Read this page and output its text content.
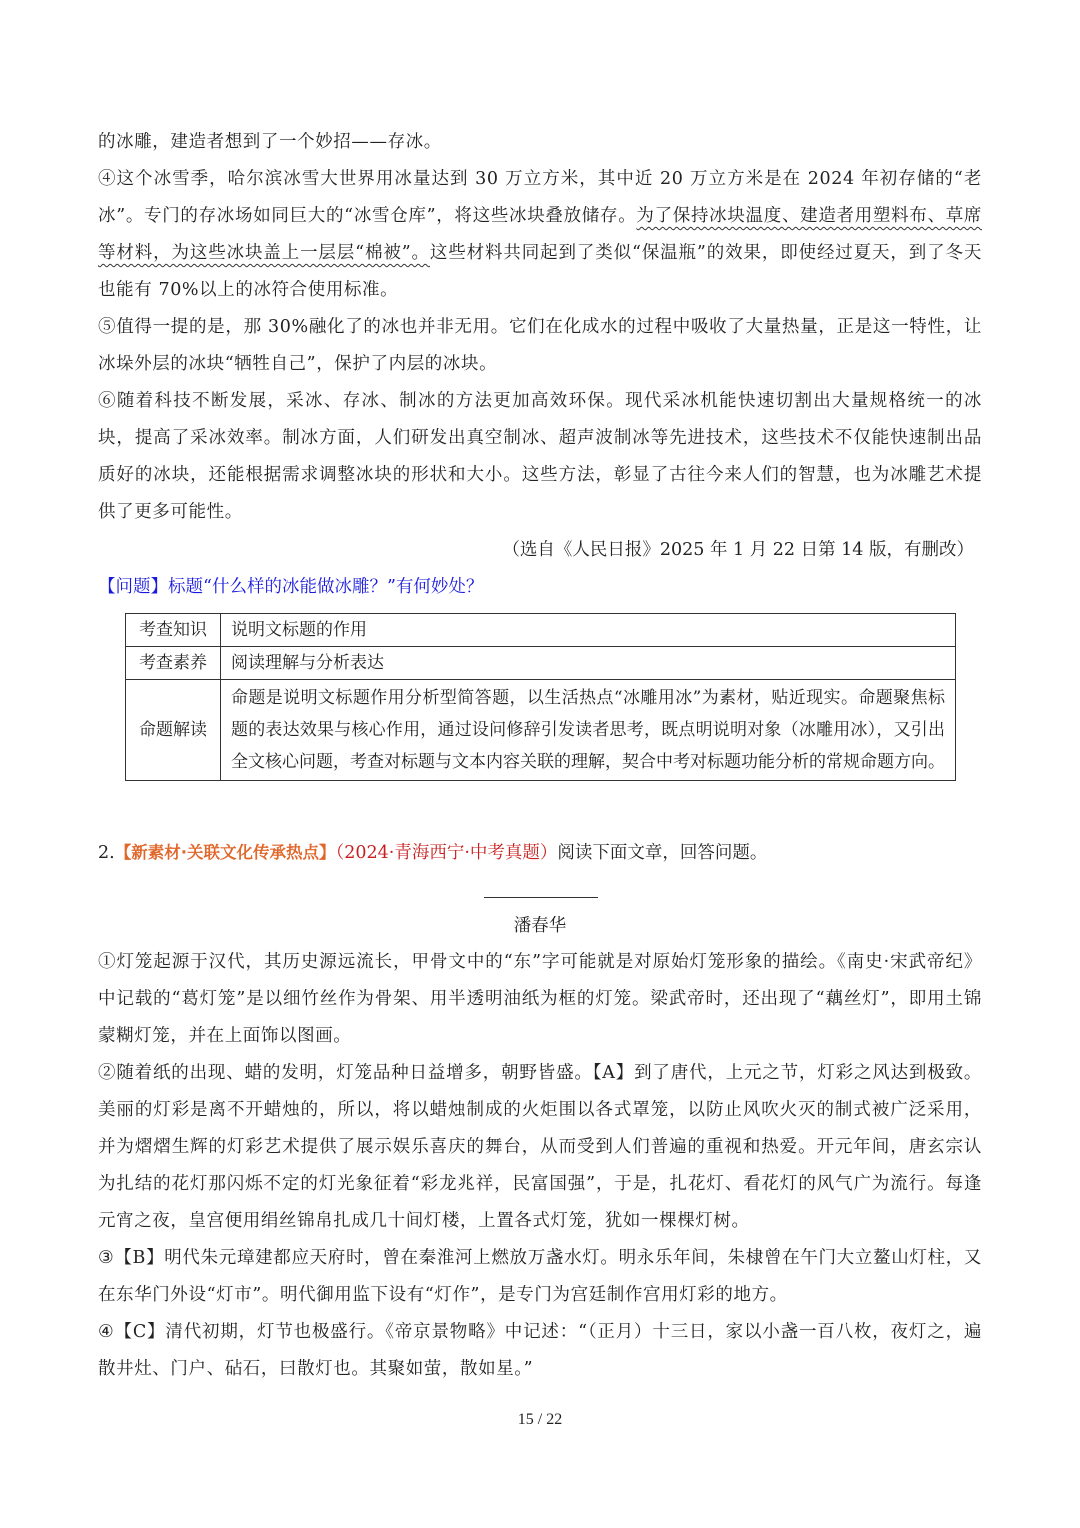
的冰雕，建造者想到了一个妙招——存冰。

④这个冰雪季，哈尔滨冰雪大世界用冰量达到 30 万立方米，其中近 20 万立方米是在 2024 年初存储的“老冰”。专门的存冰场如同巨大的“冰雪仓库”，将这些冰块叠放储存。为了保持冰块温度、建造者用塑料布、草席等材料，为这些冰块盖上一层层“棉被”。这些材料共同起到了类似“保温瓶”的效果，即使经过夏天，到了冬天也能有 70%以上的冰符合使用标准。

⑤值得一提的是，那 30%融化了的冰也并非无用。它们在化成水的过程中吸收了大量热量，正是这一特性，让冰垛外层的冰块“牺牲自己”，保护了内层的冰块。

⑥随着科技不断发展，采冰、存冰、制冰的方法更加高效环保。现代采冰机能快速切割出大量规格统一的冰块，提高了采冰效率。制冰方面，人们研发出真空制冰、超声波制冰等先进技术，这些技术不仅能快速制出品质好的冰块，还能根据需求调整冰块的形状和大小。这些方法，彰显了古往今来人们的智慧，也为冰雕艺术提供了更多可能性。

（选自《人民日报》2025 年 1 月 22 日第 14 版，有删改）

【问题】标题“什么样的冰能做冰雕？”有何妙处？

考查知识	说明文标题的作用
考查素养	阅读理解与分析表达
命题解读	命题是说明文标题作用分析型简答题，以生活热点“冰雕用冰”为素材，贴近现实。命题聚焦标题的表达效果与核心作用，通过设问修辞引发读者思考，既点明说明对象（冰雕用冰），又引出全文核心问题，考查对标题与文本内容关联的理解，契合中考对标题功能分析的常规命题方向。

2.【新素材·关联文化传承热点】（2024·青海西宁·中考真题）阅读下面文章，回答问题。

潘春华

①灯笼起源于汉代，其历史源远流长，甲骨文中的“东”字可能就是对原始灯笼形象的描绘。《南史·宋武帝纪》中记载的“葛灯笼”是以细竹丝作为骨架、用半透明油纸为框的灯笼。梁武帝时，还出现了“藕丝灯”，即用土锦蒙糊灯笼，并在上面饰以图画。

②随着纸的出现、蜡的发明，灯笼品种日益增多，朝野皆盛。【A】到了唐代，上元之节，灯彩之风达到极致。美丽的灯彩是离不开蜡烛的，所以，将以蜡烛制成的火炬围以各式罩笼，以防止风吹火灭的制式被广泛采用，并为熠熠生辉的灯彩艺术提供了展示娱乐喜庆的舞台，从而受到人们普遍的重视和热爱。开元年间，唐玄宗认为扎结的花灯那闪烁不定的灯光象征着“彩龙兆祥，民富国强”，于是，扎花灯、看花灯的风气广为流行。每逢元宵之夜，皇宫便用绢丝锦帛扎成几十间灯楼，上置各式灯笼，犹如一棵棵灯树。

③【B】明代朱元璋建都应天府时，曾在秦淮河上燃放万盏水灯。明永乐年间，朱棣曾在午门大立鳌山灯柱，又在东华门外设“灯市”。明代御用监下设有“灯作”，是专门为宫廷制作宫用灯彩的地方。

④【C】清代初期，灯节也极盛行。《帝京景物略》中记述：“（正月）十三日，家以小盏一百八枚，夜灯之，遍散井灶、门户、砧石，曰散灯也。其聚如萤，散如星。”

15 / 22
